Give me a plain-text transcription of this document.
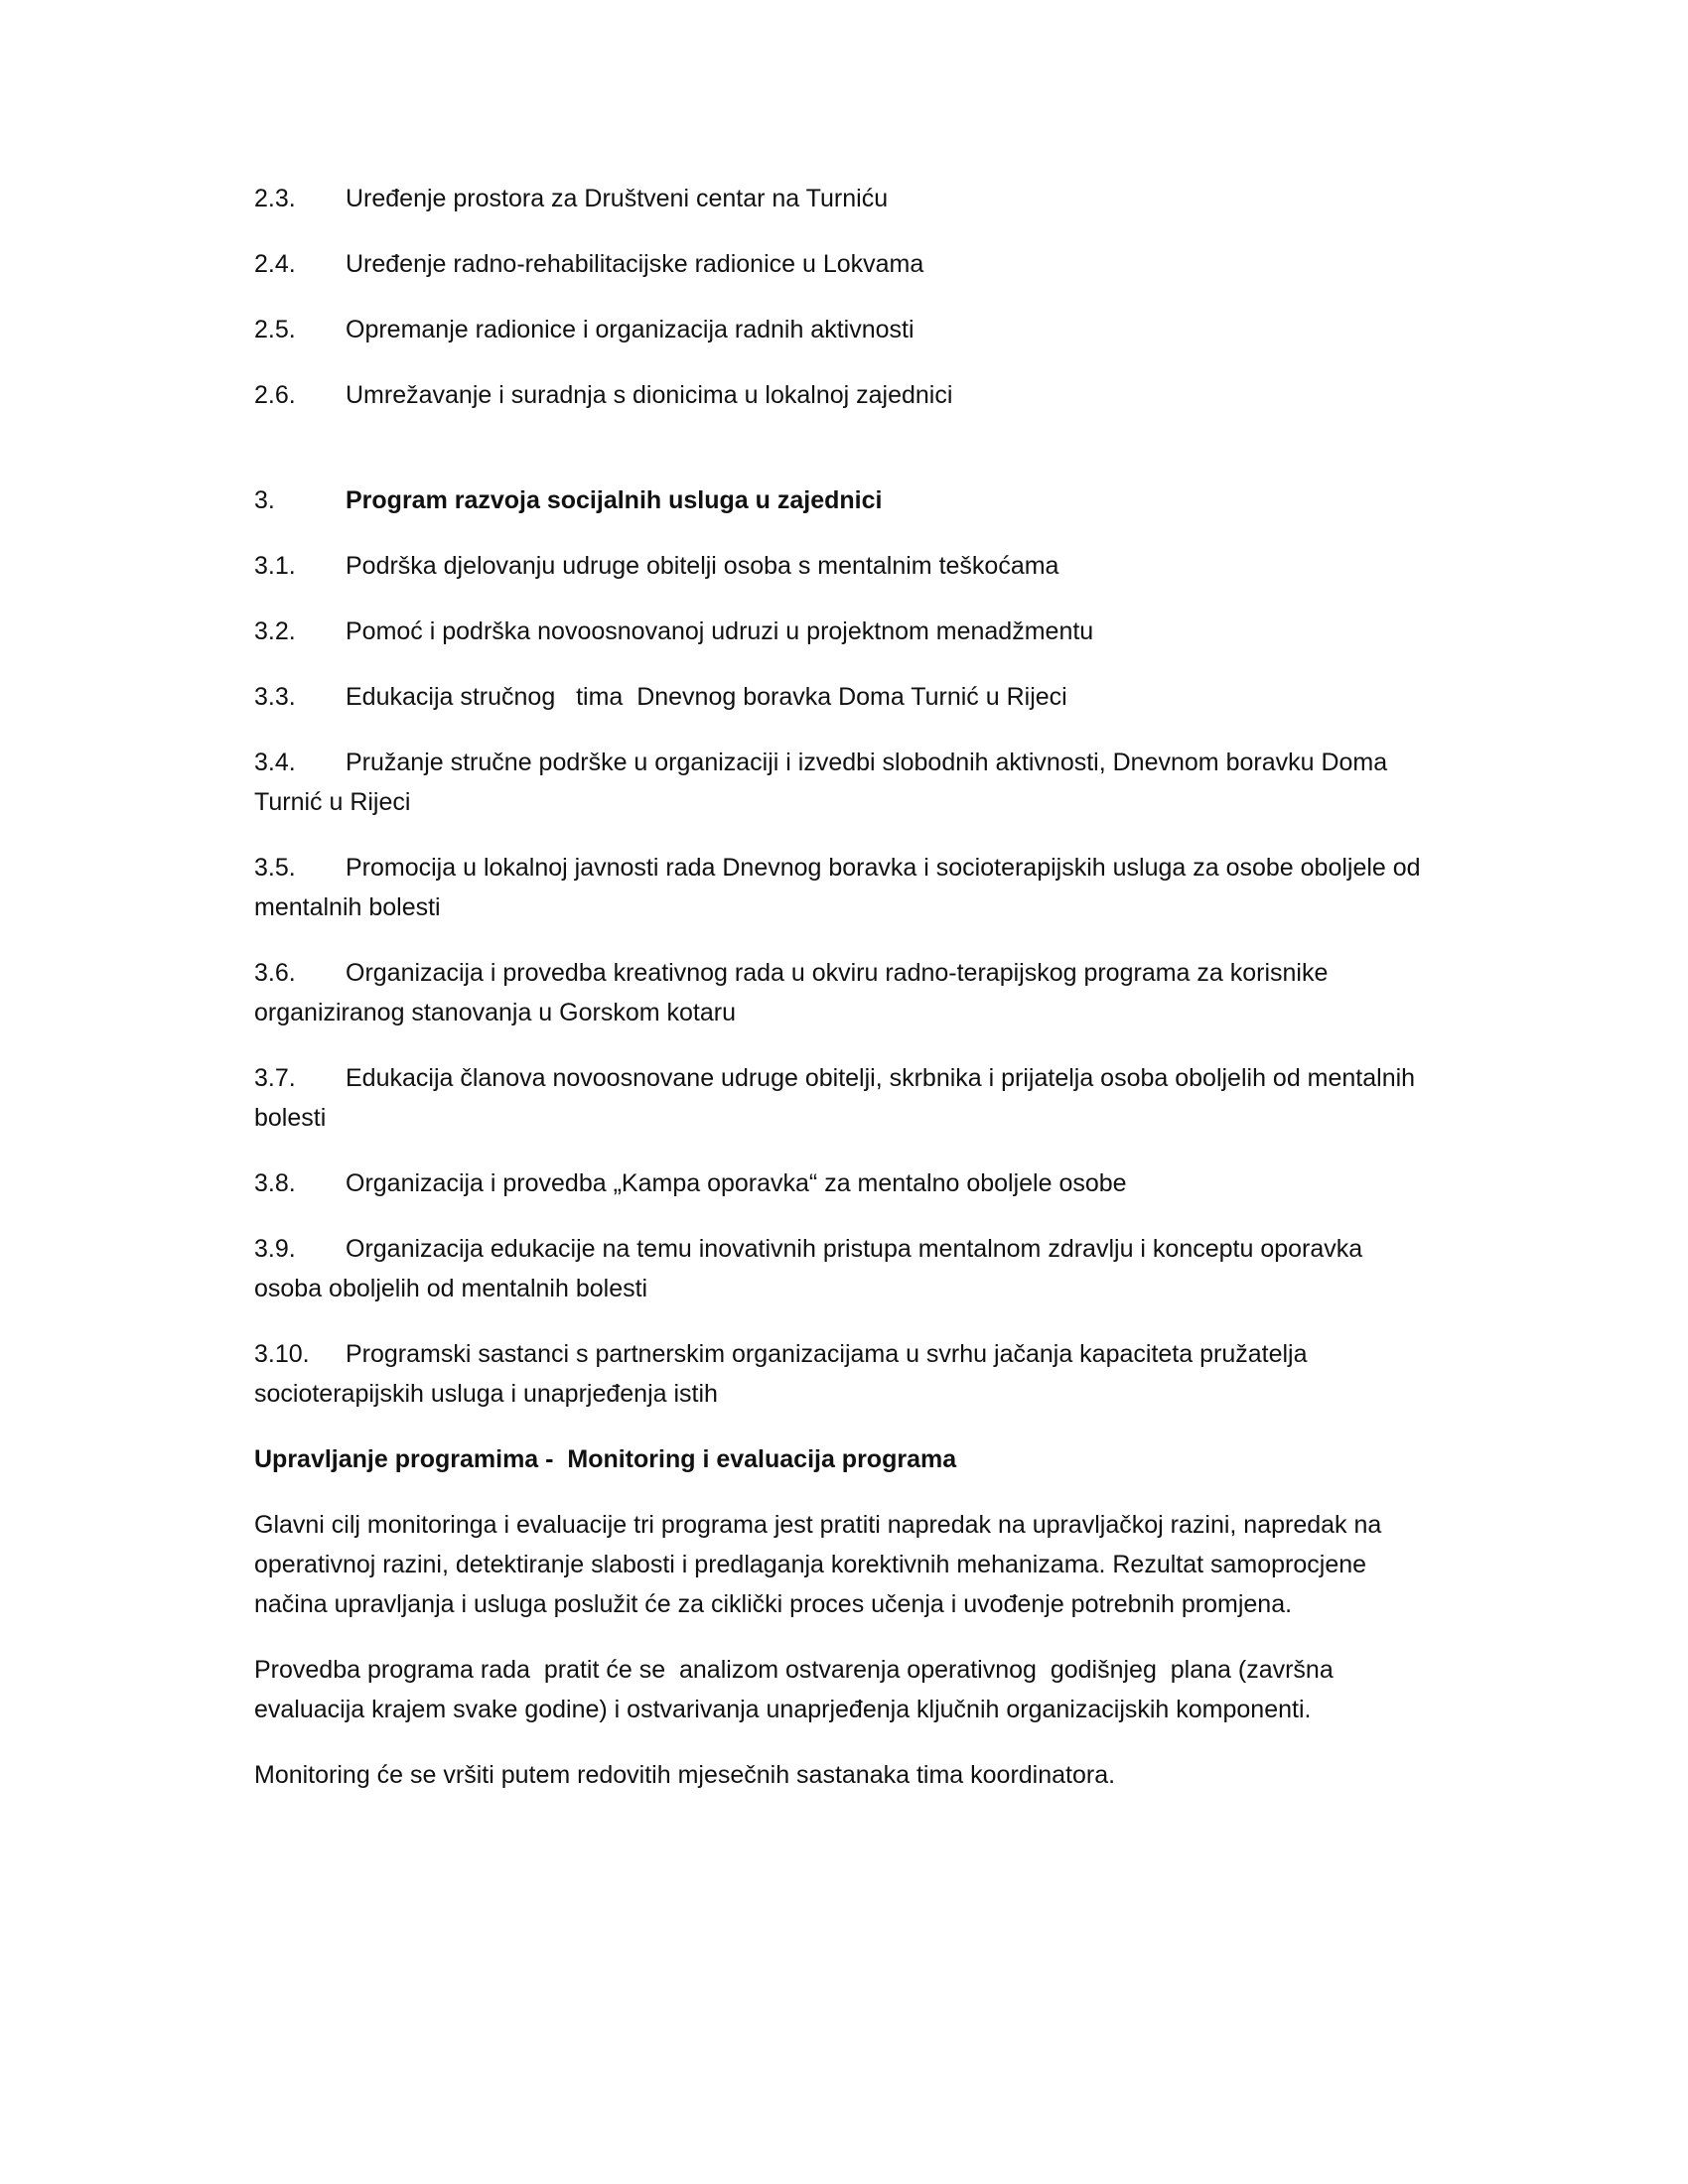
2.3. Uređenje prostora za Društveni centar na Turniću
2.4. Uređenje radno-rehabilitacijske radionice u Lokvama
2.5. Opremanje radionice i organizacija radnih aktivnosti
2.6. Umrežavanje i suradnja s dionicima u lokalnoj zajednici
3.	Program razvoja socijalnih usluga u zajednici
3.1. Podrška djelovanju udruge obitelji osoba s mentalnim teškoćama
3.2. Pomoć i podrška novoosnovanoj udruzi u projektnom menadžmentu
3.3. Edukacija stručnog   tima  Dnevnog boravka Doma Turnić u Rijeci
3.4. Pružanje stručne podrške u organizaciji i izvedbi slobodnih aktivnosti, Dnevnom boravku Doma Turnić u Rijeci
3.5. Promocija u lokalnoj javnosti rada Dnevnog boravka i socioterapijskih usluga za osobe oboljele od mentalnih bolesti
3.6. Organizacija i provedba kreativnog rada u okviru radno-terapijskog programa za korisnike organiziranog stanovanja u Gorskom kotaru
3.7. Edukacija članova novoosnovane udruge obitelji, skrbnika i prijatelja osoba oboljelih od mentalnih bolesti
3.8. Organizacija i provedba „Kampa oporavka“ za mentalno oboljele osobe
3.9. Organizacija edukacije na temu inovativnih pristupa mentalnom zdravlju i konceptu oporavka osoba oboljelih od mentalnih bolesti
3.10. Programski sastanci s partnerskim organizacijama u svrhu jačanja kapaciteta pružatelja socioterapijskih usluga i unaprjeđenja istih
Upravljanje programima -  Monitoring i evaluacija programa
Glavni cilj monitoringa i evaluacije tri programa jest pratiti napredak na upravljačkoj razini, napredak na operativnoj razini, detektiranje slabosti i predlaganja korektivnih mehanizama. Rezultat samoprocjene načina upravljanja i usluga poslužit će za ciklički proces učenja i uvođenje potrebnih promjena.
Provedba programa rada  pratit će se  analizom ostvarenja operativnog  godišnjeg  plana (završna evaluacija krajem svake godine) i ostvarivanja unaprjeđenja ključnih organizacijskih komponenti.
Monitoring će se vršiti putem redovitih mjesečnih sastanaka tima koordinatora.
